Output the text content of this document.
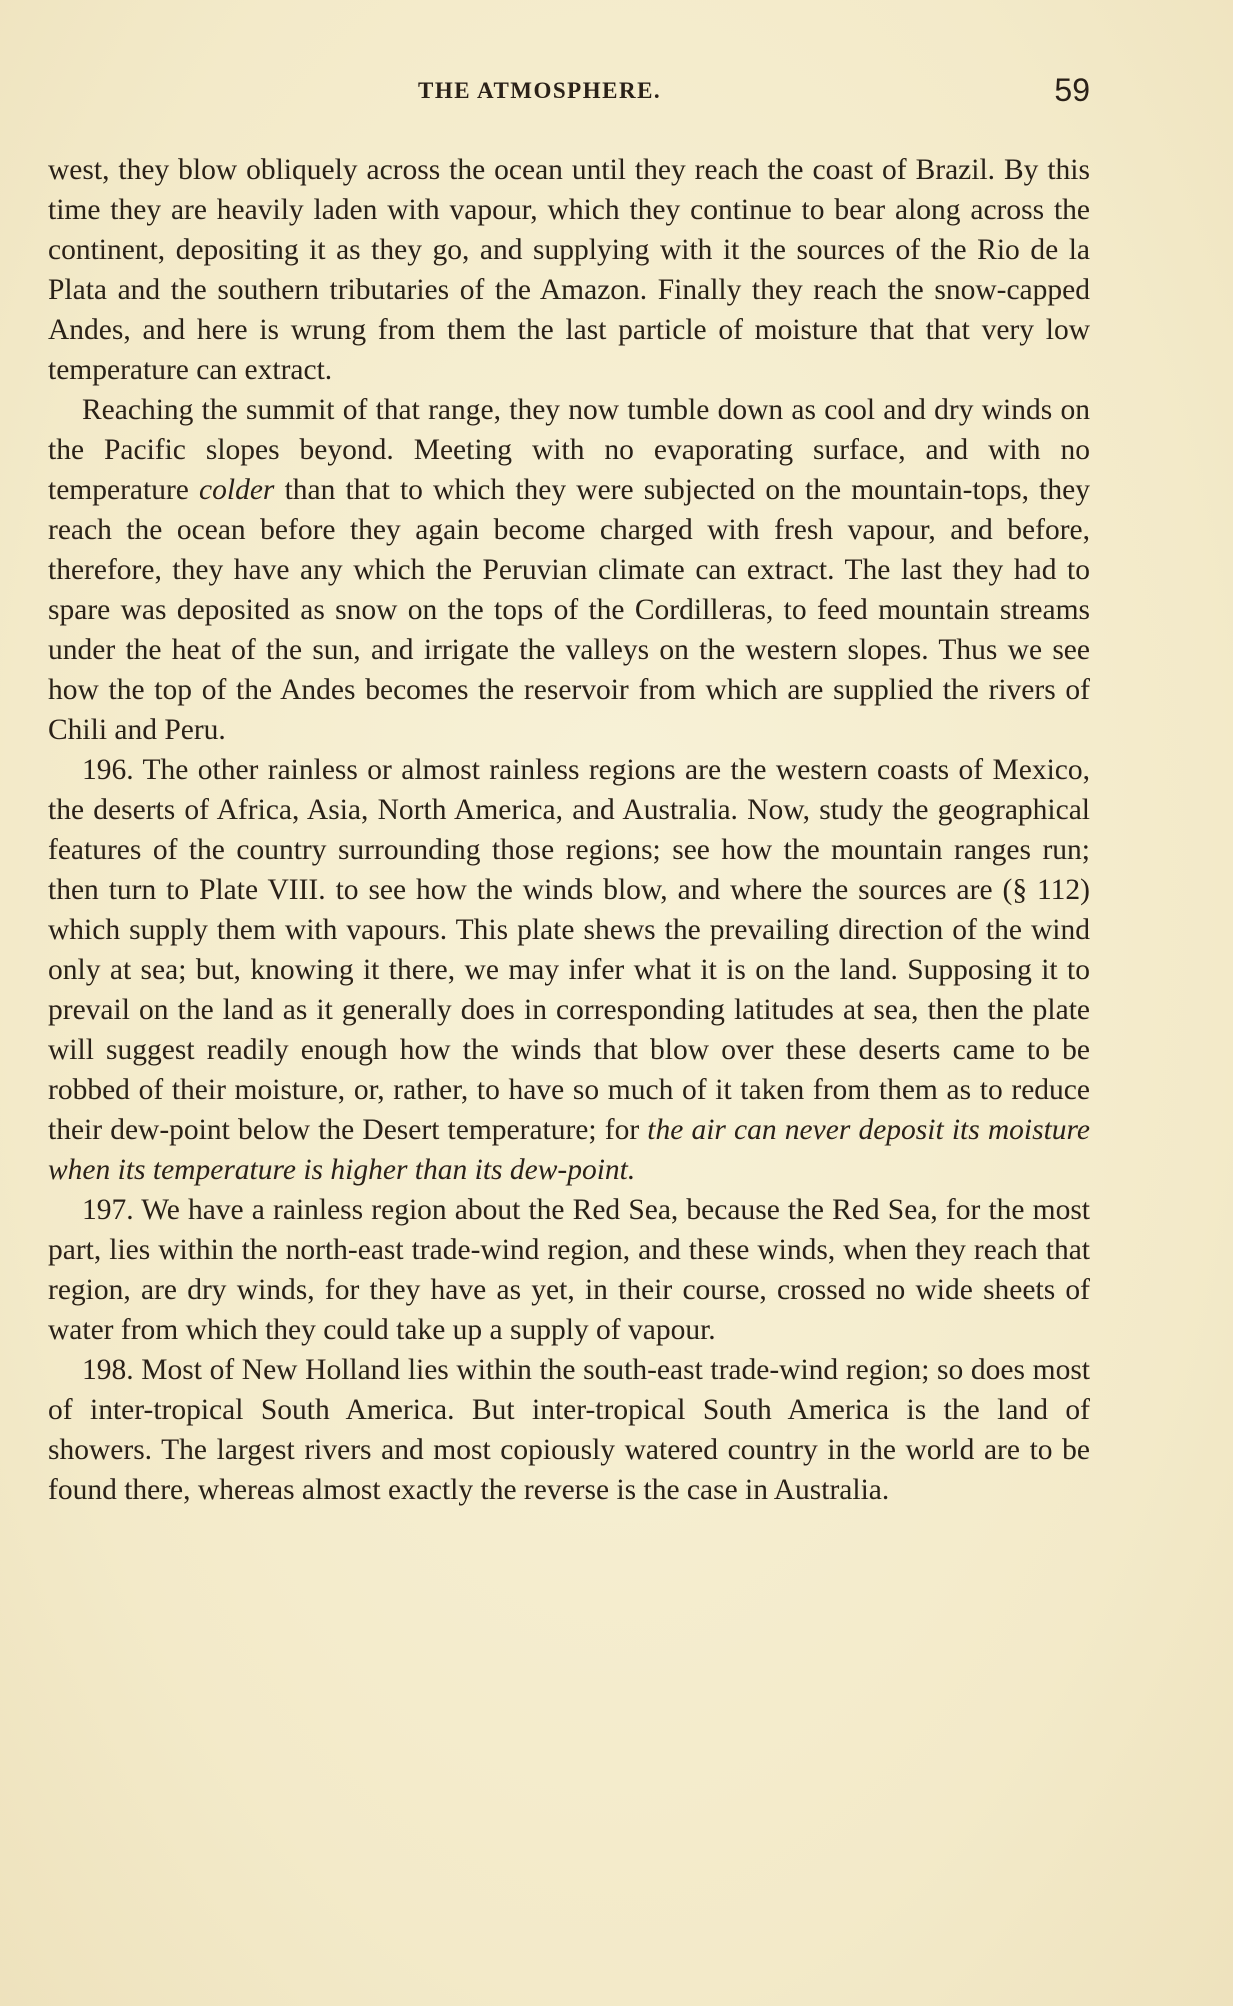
THE ATMOSPHERE.	59

west, they blow obliquely across the ocean until they reach the coast of Brazil. By this time they are heavily laden with vapour, which they continue to bear along across the continent, depositing it as they go, and supplying with it the sources of the Rio de la Plata and the southern tributaries of the Amazon. Finally they reach the snow-capped Andes, and here is wrung from them the last particle of moisture that that very low temperature can extract.

Reaching the summit of that range, they now tumble down as cool and dry winds on the Pacific slopes beyond. Meeting with no evaporating surface, and with no temperature colder than that to which they were subjected on the mountain-tops, they reach the ocean before they again become charged with fresh vapour, and before, therefore, they have any which the Peruvian climate can extract. The last they had to spare was deposited as snow on the tops of the Cordilleras, to feed mountain streams under the heat of the sun, and irrigate the valleys on the western slopes. Thus we see how the top of the Andes becomes the reservoir from which are supplied the rivers of Chili and Peru.

196. The other rainless or almost rainless regions are the western coasts of Mexico, the deserts of Africa, Asia, North America, and Australia. Now, study the geographical features of the country surrounding those regions; see how the mountain ranges run; then turn to Plate VIII. to see how the winds blow, and where the sources are (§ 112) which supply them with vapours. This plate shews the prevailing direction of the wind only at sea; but, knowing it there, we may infer what it is on the land. Supposing it to prevail on the land as it generally does in corresponding latitudes at sea, then the plate will suggest readily enough how the winds that blow over these deserts came to be robbed of their moisture, or, rather, to have so much of it taken from them as to reduce their dew-point below the Desert temperature; for the air can never deposit its moisture when its temperature is higher than its dew-point.

197. We have a rainless region about the Red Sea, because the Red Sea, for the most part, lies within the north-east trade-wind region, and these winds, when they reach that region, are dry winds, for they have as yet, in their course, crossed no wide sheets of water from which they could take up a supply of vapour.

198. Most of New Holland lies within the south-east trade-wind region; so does most of inter-tropical South America. But inter-tropical South America is the land of showers. The largest rivers and most copiously watered country in the world are to be found there, whereas almost exactly the reverse is the case in Australia.
